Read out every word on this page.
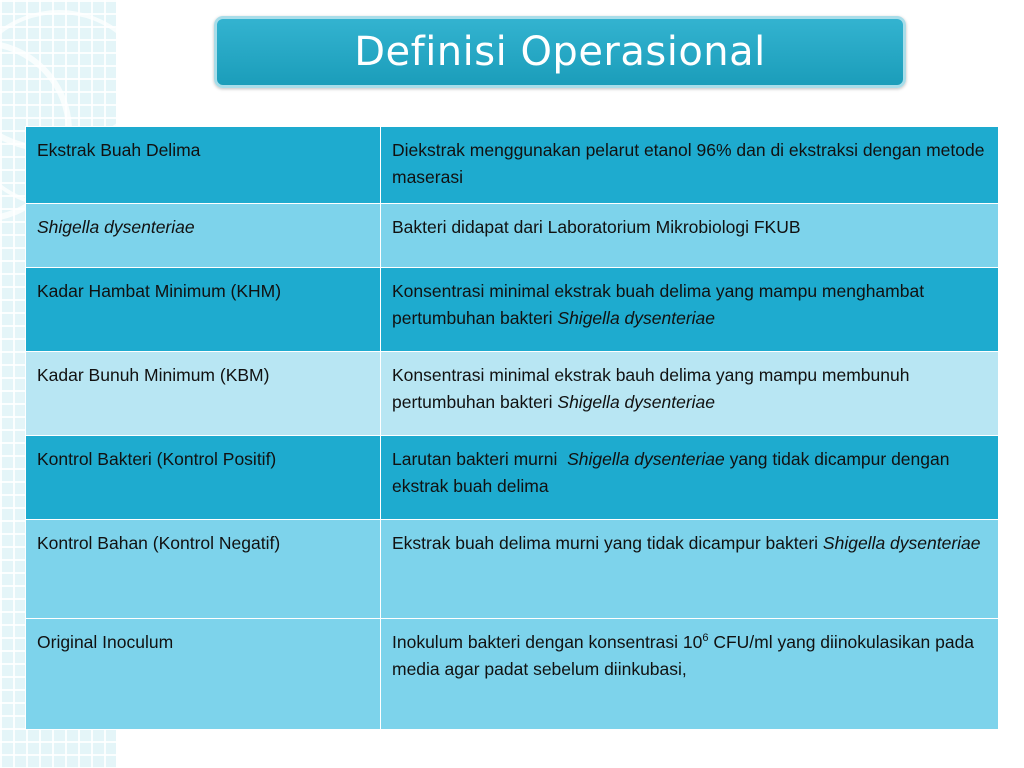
Definisi Operasional
Ekstrak Buah Delima	Diekstrak menggunakan pelarut etanol 96% dan di ekstraksi dengan metode maserasi
Shigella dysenteriae	Bakteri didapat dari Laboratorium Mikrobiologi FKUB
Kadar Hambat Minimum (KHM)	Konsentrasi minimal ekstrak buah delima yang mampu menghambat pertumbuhan bakteri Shigella dysenteriae
Kadar Bunuh Minimum (KBM)	Konsentrasi minimal ekstrak bauh delima yang mampu membunuh pertumbuhan bakteri Shigella dysenteriae
Kontrol Bakteri (Kontrol Positif)	Larutan bakteri murni Shigella dysenteriae yang tidak dicampur dengan ekstrak buah delima
Kontrol Bahan (Kontrol Negatif)	Ekstrak buah delima murni yang tidak dicampur bakteri Shigella dysenteriae
Original Inoculum	Inokulum bakteri dengan konsentrasi $10^6$ CFU/ml yang diinokulasikan pada media agar padat sebelum diinkubasi,
